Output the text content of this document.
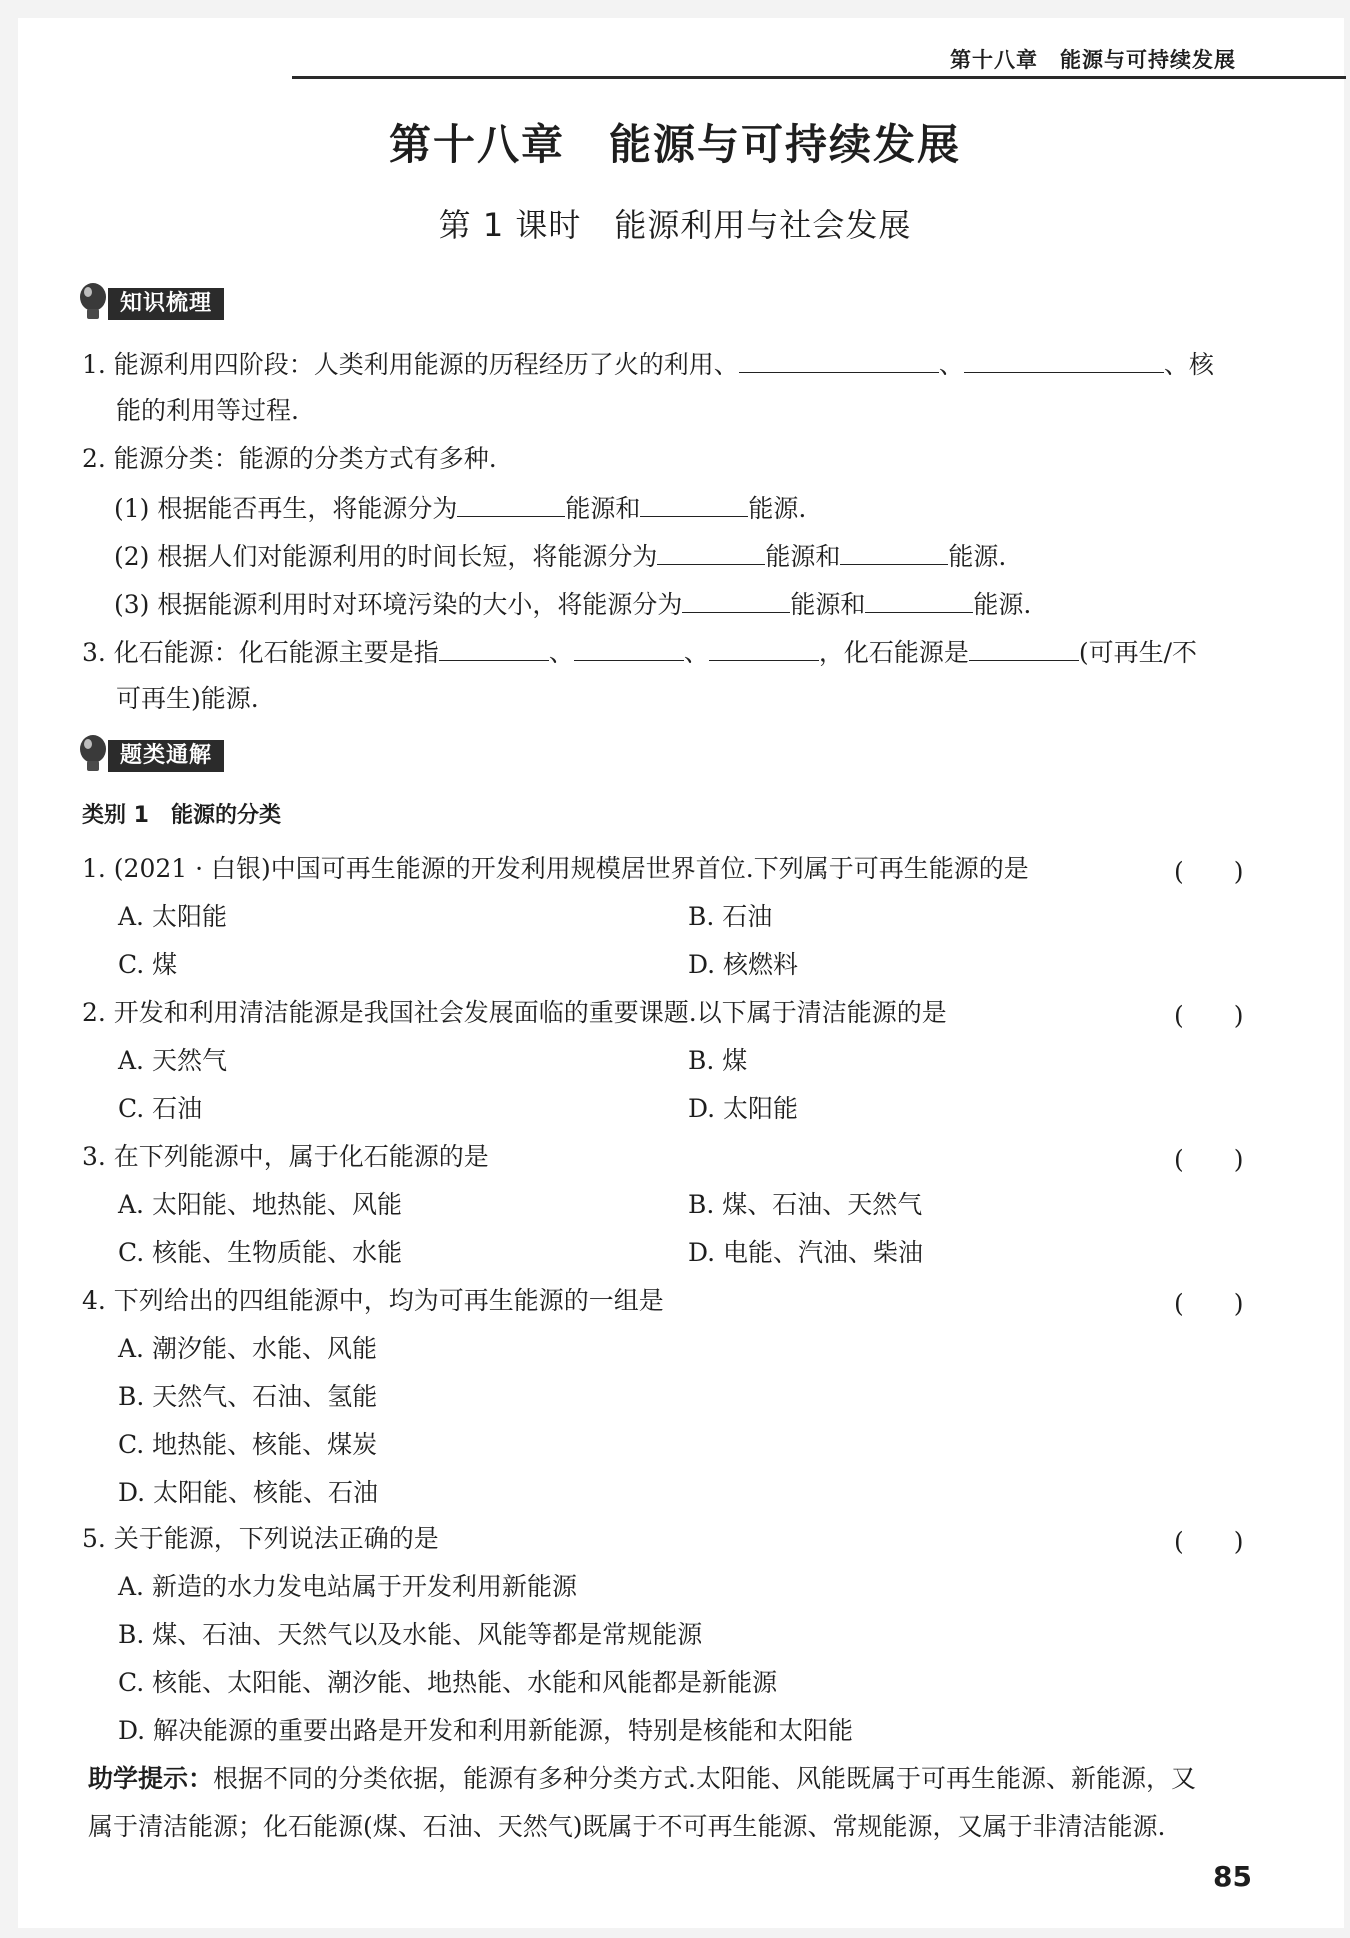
第十八章　能源与可持续发展
第十八章　能源与可持续发展
第 1 课时　能源利用与社会发展
知识梳理
1. 能源利用四阶段：人类利用能源的历程经历了火的利用、	、	、核
能的利用等过程.
2. 能源分类：能源的分类方式有多种.
(1) 根据能否再生，将能源分为	能源和	能源.
(2) 根据人们对能源利用的时间长短，将能源分为	能源和	能源.
(3) 根据能源利用时对环境污染的大小，将能源分为	能源和	能源.
3. 化石能源：化石能源主要是指	、	、	，化石能源是	(可再生/不
可再生)能源.
题类通解
类别 1　能源的分类
1. (2021 · 白银)中国可再生能源的开发利用规模居世界首位.下列属于可再生能源的是	(　　)
A. 太阳能	B. 石油
C. 煤	D. 核燃料
2. 开发和利用清洁能源是我国社会发展面临的重要课题.以下属于清洁能源的是	(　　)
A. 天然气	B. 煤
C. 石油	D. 太阳能
3. 在下列能源中，属于化石能源的是	(　　)
A. 太阳能、地热能、风能	B. 煤、石油、天然气
C. 核能、生物质能、水能	D. 电能、汽油、柴油
4. 下列给出的四组能源中，均为可再生能源的一组是	(　　)
A. 潮汐能、水能、风能
B. 天然气、石油、氢能
C. 地热能、核能、煤炭
D. 太阳能、核能、石油
5. 关于能源，下列说法正确的是	(　　)
A. 新造的水力发电站属于开发利用新能源
B. 煤、石油、天然气以及水能、风能等都是常规能源
C. 核能、太阳能、潮汐能、地热能、水能和风能都是新能源
D. 解决能源的重要出路是开发和利用新能源，特别是核能和太阳能
助学提示：根据不同的分类依据，能源有多种分类方式.太阳能、风能既属于可再生能源、新能源，又
属于清洁能源；化石能源(煤、石油、天然气)既属于不可再生能源、常规能源，又属于非清洁能源.
85
